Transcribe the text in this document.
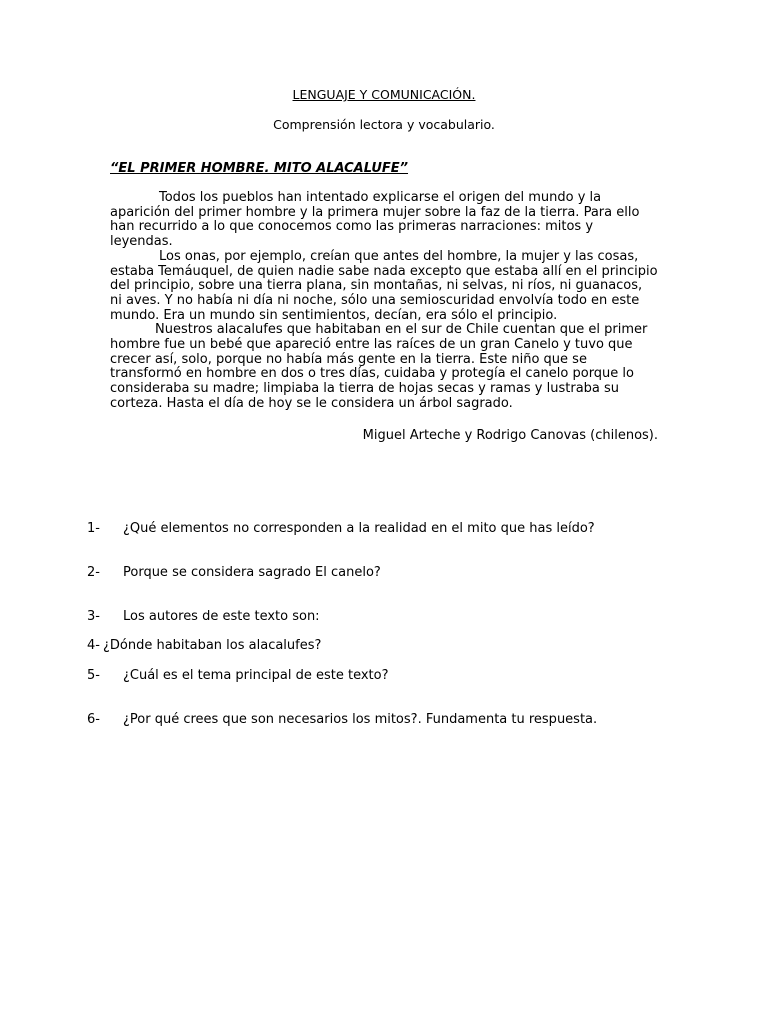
LENGUAJE Y COMUNICACIÓN.
Comprensión lectora y vocabulario.
“EL PRIMER HOMBRE. MITO ALACALUFE”
Todos los pueblos han intentado explicarse el origen del mundo y la
aparición del primer hombre y la primera mujer sobre la faz de la tierra. Para ello
han recurrido a lo que conocemos como las primeras narraciones: mitos y
leyendas.
Los onas, por ejemplo, creían que antes del hombre, la mujer y las cosas,
estaba Temáuquel, de quien nadie sabe nada excepto que estaba allí en el principio
del principio, sobre una tierra plana, sin montañas, ni selvas, ni ríos, ni guanacos,
ni aves. Y no había ni día ni noche, sólo una semioscuridad envolvía todo en este
mundo. Era un mundo sin sentimientos, decían, era sólo el principio.
Nuestros alacalufes que habitaban en el sur de Chile cuentan que el primer
hombre fue un bebé que apareció entre las raíces de un gran Canelo y tuvo que
crecer así, solo, porque no había más gente en la tierra. Este niño que se
transformó en hombre en dos o tres días, cuidaba y protegía el canelo porque lo
consideraba su madre; limpiaba la tierra de hojas secas y ramas y lustraba su
corteza. Hasta el día de hoy se le considera un árbol sagrado.
Miguel Arteche y Rodrigo Canovas (chilenos).
1- ¿Qué elementos no corresponden a la realidad en el mito que has leído?
2- Porque se considera sagrado El canelo?
3- Los autores de este texto son:
4- ¿Dónde habitaban los alacalufes?
5- ¿Cuál es el tema principal de este texto?
6- ¿Por qué crees que son necesarios los mitos?. Fundamenta tu respuesta.
